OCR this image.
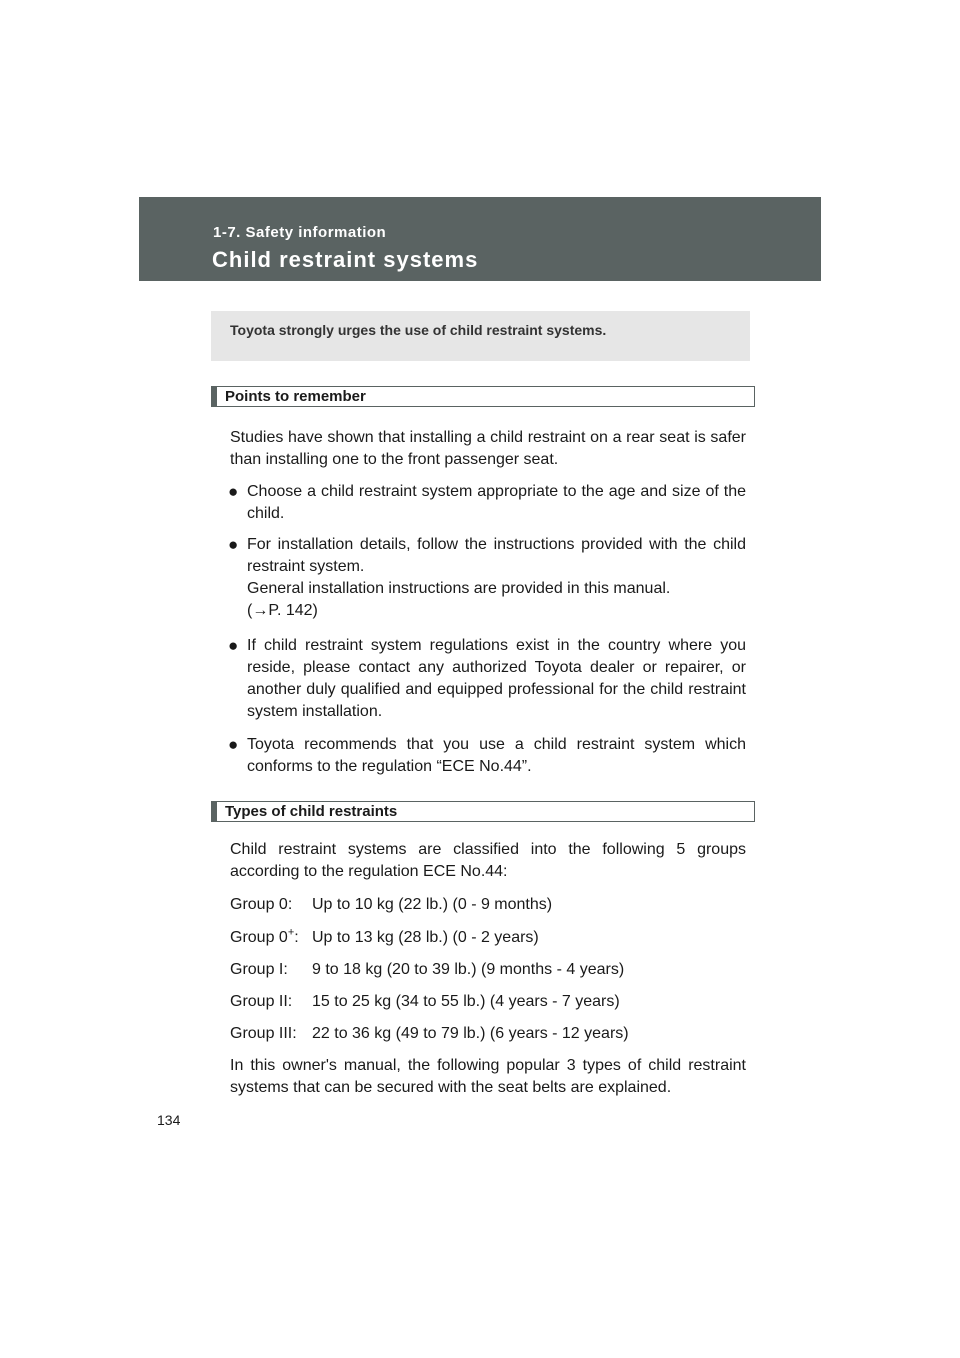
1-7. Safety information
Child restraint systems
Toyota strongly urges the use of child restraint systems.
Points to remember
Studies have shown that installing a child restraint on a rear seat is safer than installing one to the front passenger seat.
● Choose a child restraint system appropriate to the age and size of the child.
● For installation details, follow the instructions provided with the child restraint system.
General installation instructions are provided in this manual.
(→P. 142)
● If child restraint system regulations exist in the country where you reside, please contact any authorized Toyota dealer or repairer, or another duly qualified and equipped professional for the child restraint system installation.
● Toyota recommends that you use a child restraint system which conforms to the regulation “ECE No.44”.
Types of child restraints
Child restraint systems are classified into the following 5 groups according to the regulation ECE No.44:
Group 0: Up to 10 kg (22 lb.) (0 - 9 months)
Group 0+: Up to 13 kg (28 lb.) (0 - 2 years)
Group I: 9 to 18 kg (20 to 39 lb.) (9 months - 4 years)
Group II: 15 to 25 kg (34 to 55 lb.) (4 years - 7 years)
Group III: 22 to 36 kg (49 to 79 lb.) (6 years - 12 years)
In this owner's manual, the following popular 3 types of child restraint systems that can be secured with the seat belts are explained.
134
